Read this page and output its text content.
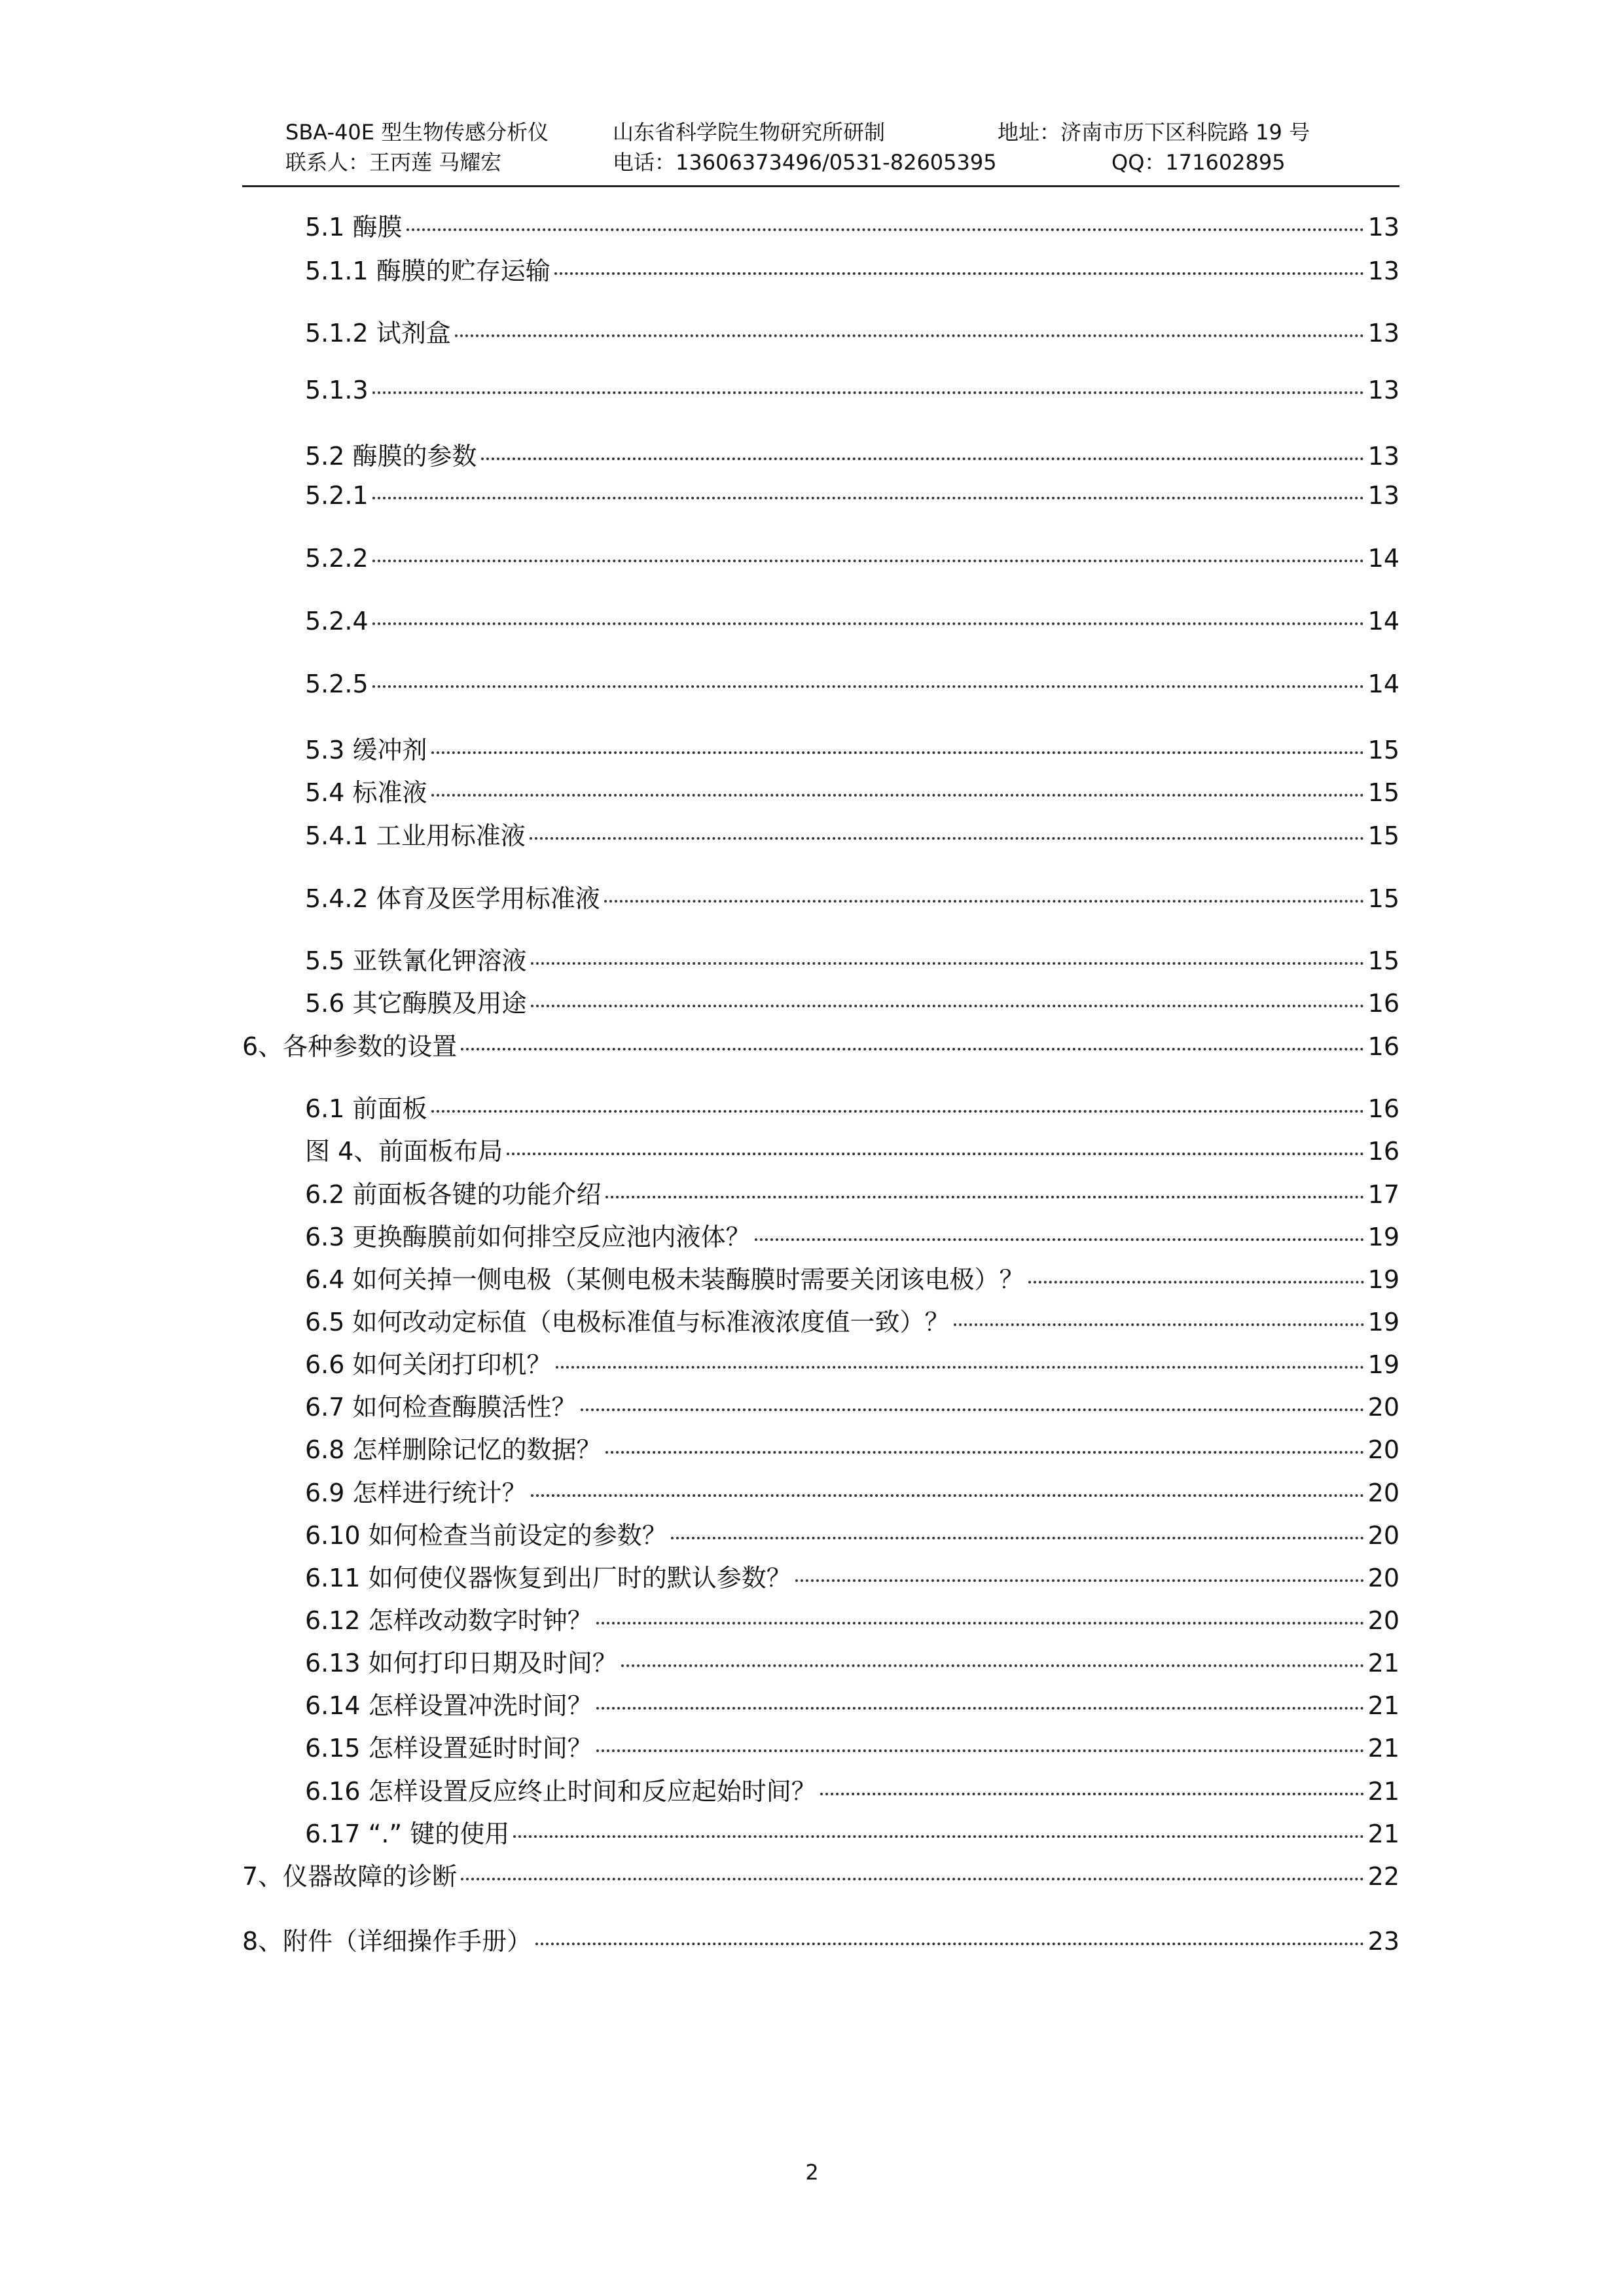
SBA-40E 型生物传感分析仪	山东省科学院生物研究所研制	地址：济南市历下区科院路 19 号
联系人：王丙莲 马耀宏	电话：13606373496/0531-82605395	QQ：171602895
5.1 酶膜	13
5.1.1 酶膜的贮存运输	13
5.1.2 试剂盒	13
5.1.3	13
5.2 酶膜的参数	13
5.2.1	13
5.2.2	14
5.2.4	14
5.2.5	14
5.3 缓冲剂	15
5.4 标准液	15
5.4.1 工业用标准液	15
5.4.2 体育及医学用标准液	15
5.5 亚铁氰化钾溶液	15
5.6 其它酶膜及用途	16
6、各种参数的设置	16
6.1 前面板	16
图 4、前面板布局	16
6.2 前面板各键的功能介绍	17
6.3 更换酶膜前如何排空反应池内液体？	19
6.4 如何关掉一侧电极（某侧电极未装酶膜时需要关闭该电极）？	19
6.5 如何改动定标值（电极标准值与标准液浓度值一致）？	19
6.6 如何关闭打印机？	19
6.7 如何检查酶膜活性？	20
6.8 怎样删除记忆的数据？	20
6.9 怎样进行统计？	20
6.10 如何检查当前设定的参数？	20
6.11 如何使仪器恢复到出厂时的默认参数？	20
6.12 怎样改动数字时钟？	20
6.13 如何打印日期及时间？	21
6.14 怎样设置冲洗时间？	21
6.15 怎样设置延时时间？	21
6.16 怎样设置反应终止时间和反应起始时间？	21
6.17 “.” 键的使用	21
7、仪器故障的诊断	22
8、附件（详细操作手册）	23
2
